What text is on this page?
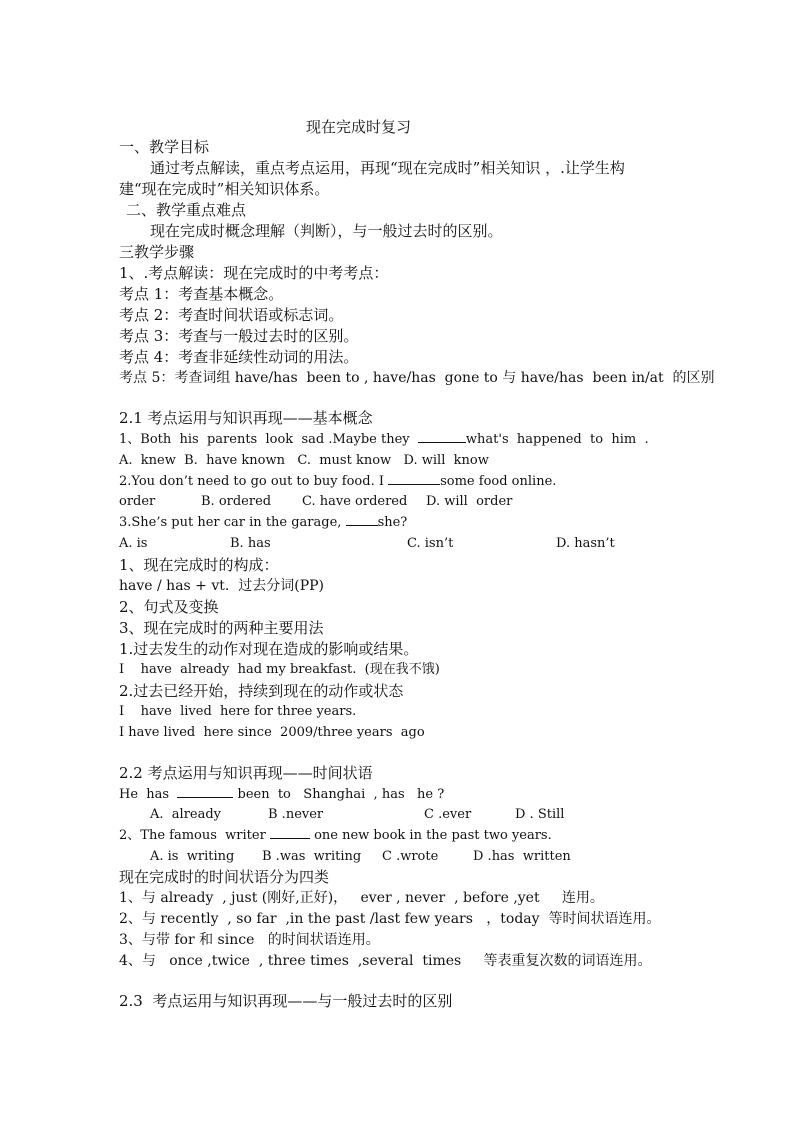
现在完成时复习
一、教学目标
通过考点解读，重点考点运用，再现“现在完成时”相关知识 ，.让学生构
建“现在完成时”相关知识体系。
二、教学重点难点
现在完成时概念理解（判断），与一般过去时的区别。
三教学步骤
1、.考点解读：现在完成时的中考考点：
考点 1：考查基本概念。
考点 2：考查时间状语或标志词。
考点 3：考查与一般过去时的区别。
考点 4：考查非延续性动词的用法。
考点 5：考查词组 have/has  been to , have/has  gone to 与 have/has  been in/at  的区别
2.1 考点运用与知识再现——基本概念
1、Both  his  parents  look  sad .Maybe they	what's  happened  to  him  .
A.  knew  B.  have known   C.  must know   D. will  know
2.You don’t need to go out to buy food. I	some food online.
order	B. ordered C. have ordered D. will  order
3.She’s put her car in the garage, she?
A. is	B. has	C. isn’t	D. hasn’t
1、现在完成时的构成：
have / has + vt.  过去分词(PP)
2、句式及变换
3、现在完成时的两种主要用法
1.过去发生的动作对现在造成的影响或结果。
I    have  already  had my breakfast.  (现在我不饿)
2.过去已经开始，持续到现在的动作或状态
I    have  lived  here for three years.
I have lived  here since  2009/three years  ago
2.2 考点运用与知识再现——时间状语
He  has	been  to   Shanghai  , has   he ?
A.  already	B .never	C .ever	D . Still
2、The famous  writer	one new book in the past two years.
A. is  writing B .was  writing C .wrote	D .has  written
现在完成时的时间状语分为四类
1、与 already  , just (刚好,正好)，   ever , never  , before ,yet     连用。
2、与 recently  , so far  ,in the past /last few years   ，today  等时间状语连用。
3、与带 for 和 since   的时间状语连用。
4、与   once ,twice  , three times  ,several  times     等表重复次数的词语连用。
2.3  考点运用与知识再现——与一般过去时的区别
